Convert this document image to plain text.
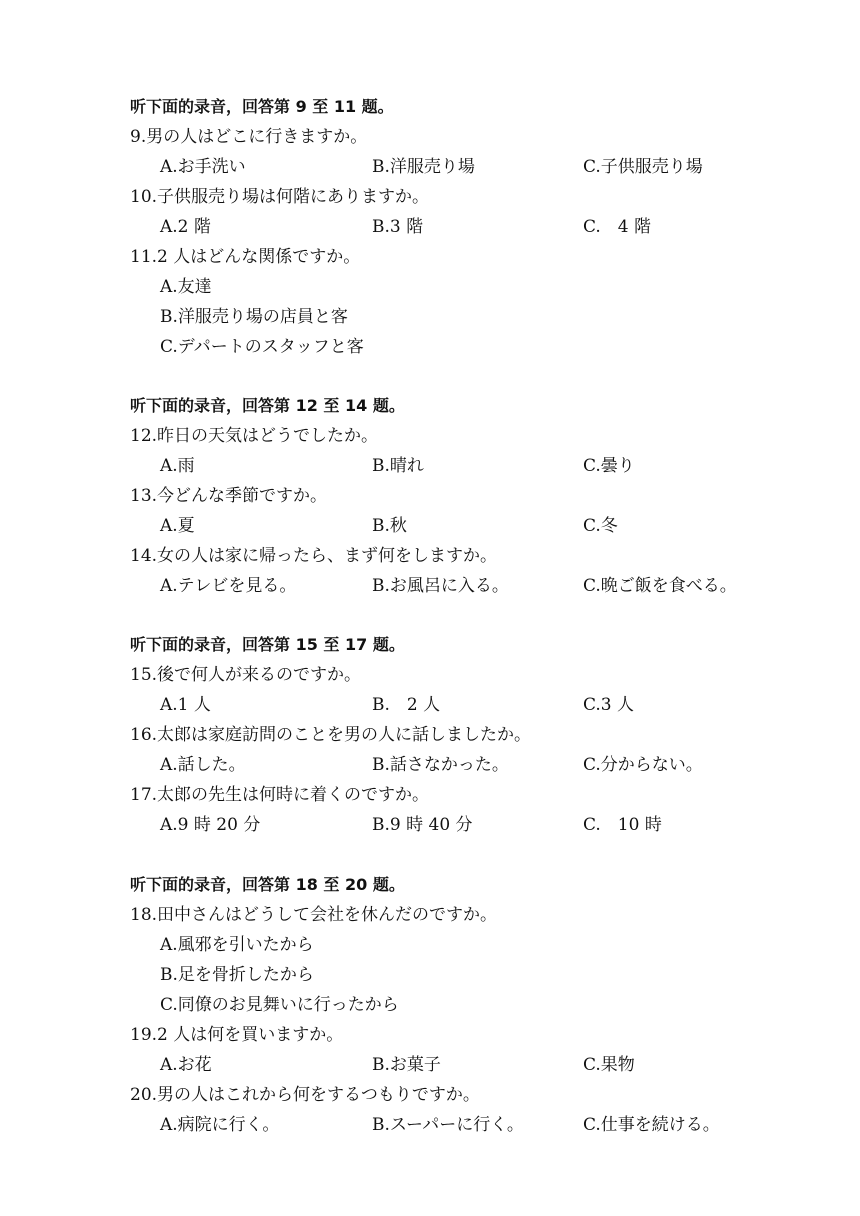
听下面的录音，回答第 9 至 11 题。
9.男の人はどこに行きますか。
A.お手洗い	B.洋服売り場	C.子供服売り場
10.子供服売り場は何階にありますか。
A.2 階	B.3 階	C.　4 階
11.2 人はどんな関係ですか。
A.友達
B.洋服売り場の店員と客
C.デパートのスタッフと客
听下面的录音，回答第 12 至 14 题。
12.昨日の天気はどうでしたか。
A.雨	B.晴れ	C.曇り
13.今どんな季節ですか。
A.夏	B.秋	C.冬
14.女の人は家に帰ったら、まず何をしますか。
A.テレビを見る。	B.お風呂に入る。	C.晩ご飯を食べる。
听下面的录音，回答第 15 至 17 题。
15.後で何人が来るのですか。
A.1 人	B.　2 人	C.3 人
16.太郎は家庭訪問のことを男の人に話しましたか。
A.話した。	B.話さなかった。	C.分からない。
17.太郎の先生は何時に着くのですか。
A.9 時 20 分	B.9 時 40 分	C.　10 時
听下面的录音，回答第 18 至 20 题。
18.田中さんはどうして会社を休んだのですか。
A.風邪を引いたから
B.足を骨折したから
C.同僚のお見舞いに行ったから
19.2 人は何を買いますか。
A.お花	B.お菓子	C.果物
20.男の人はこれから何をするつもりですか。
A.病院に行く。	B.スーパーに行く。	C.仕事を続ける。
